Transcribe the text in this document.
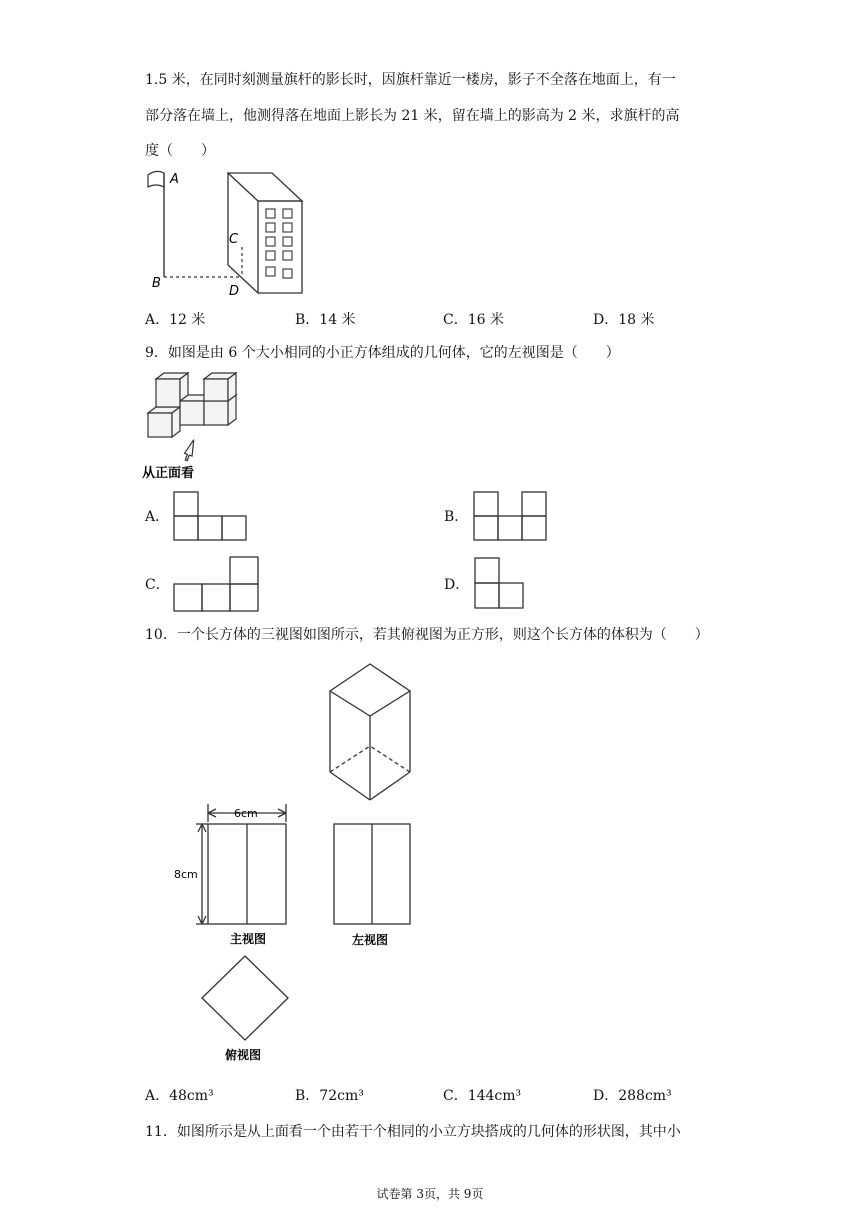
1.5 米，在同时刻测量旗杆的影长时，因旗杆靠近一楼房，影子不全落在地面上，有一
部分落在墙上，他测得落在地面上影长为 21 米，留在墙上的影高为 2 米，求旗杆的高
度（　　）
A
B
C
D
A．12 米	B．14 米	C．16 米	D．18 米
9．如图是由 6 个大小相同的小正方体组成的几何体，它的左视图是（　　）
从正面看
A．	B．
C．	D．
10．一个长方体的三视图如图所示，若其俯视图为正方形，则这个长方体的体积为（　　）
6cm
8cm
主视图	左视图
俯视图
A．48cm³	B．72cm³	C．144cm³	D．288cm³
11．如图所示是从上面看一个由若干个相同的小立方块搭成的几何体的形状图，其中小
试卷第 3页，共 9页
